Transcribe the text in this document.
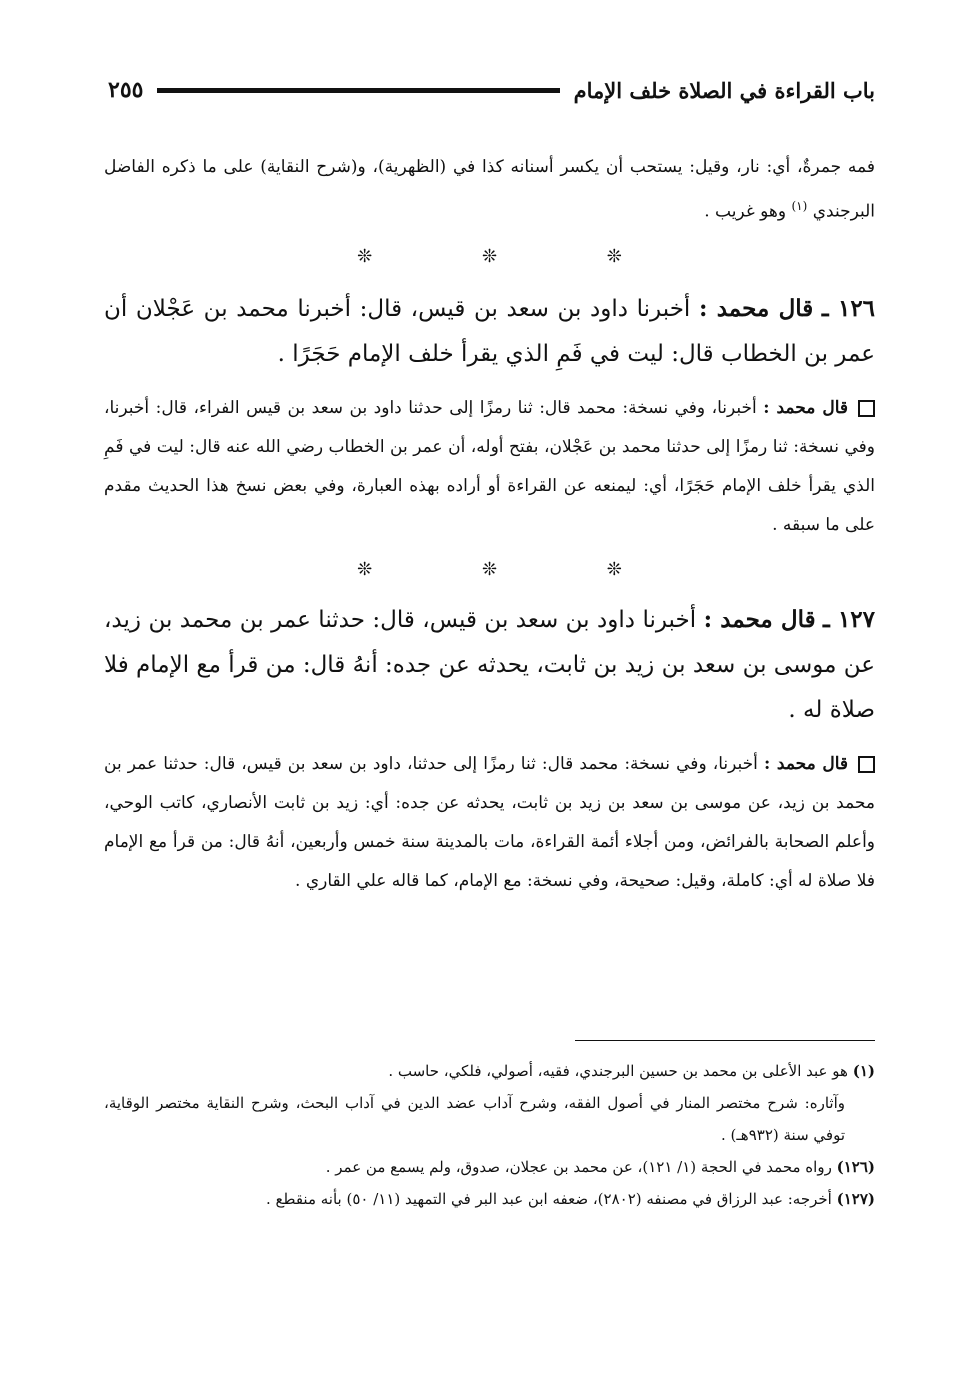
٢٥٥	باب القراءة في الصلاة خلف الإمام

فمه جمرةٌ، أي: نار، وقيل: يستحب أن يكسر أسنانه كذا في (الظهرية)، و(شرح النقاية) على ما ذكره الفاضل البرجندي $^{(١)}$ وهو غريب .

❊ ❊ ❊

١٢٦ ـ قال محمد : أخبرنا داود بن سعد بن قيس، قال: أخبرنا محمد بن عَجْلان أن عمر بن الخطاب قال: ليت في فَمِ الذي يقرأ خلف الإمام حَجَرًا .

قال محمد : أخبرنا، وفي نسخة: محمد قال: ثنا رمزًا إلى حدثنا داود بن سعد بن قيس الفراء، قال: أخبرنا، وفي نسخة: ثنا رمزًا إلى حدثنا محمد بن عَجْلان، بفتح أوله، أن عمر بن الخطاب رضي الله عنه قال: ليت في فَمِ الذي يقرأ خلف الإمام حَجَرًا، أي: ليمنعه عن القراءة أو أراده بهذه العبارة، وفي بعض نسخ هذا الحديث مقدم على ما سبقه .

❊ ❊ ❊

١٢٧ ـ قال محمد : أخبرنا داود بن سعد بن قيس، قال: حدثنا عمر بن محمد بن زيد، عن موسى بن سعد بن زيد بن ثابت، يحدثه عن جده: أنهُ قال: من قرأ مع الإمام فلا صلاة له .

قال محمد : أخبرنا، وفي نسخة: محمد قال: ثنا رمزًا إلى حدثنا، داود بن سعد بن قيس، قال: حدثنا عمر بن محمد بن زيد، عن موسى بن سعد بن زيد بن ثابت، يحدثه عن جده: أي: زيد بن ثابت الأنصاري، كاتب الوحي، وأعلم الصحابة بالفرائض، ومن أجلاء أئمة القراءة، مات بالمدينة سنة خمس وأربعين، أنهُ قال: من قرأ مع الإمام فلا صلاة له أي: كاملة، وقيل: صحيحة، وفي نسخة: مع الإمام، كما قاله علي القاري .

(١) هو عبد الأعلى بن محمد بن حسين البرجندي، فقيه، أصولي، فلكي، حاسب .

وآثاره: شرح مختصر المنار في أصول الفقه، وشرح آداب عضد الدين في آداب البحث، وشرح النقاية مختصر الوقاية، توفي سنة (٩٣٢هـ) .

(١٢٦) رواه محمد في الحجة (١/ ١٢١)، عن محمد بن عجلان، صدوق، ولم يسمع من عمر .

(١٢٧) أخرجه: عبد الرزاق في مصنفه (٢٨٠٢)، ضعفه ابن عبد البر في التمهيد (١١/ ٥٠) بأنه منقطع .
